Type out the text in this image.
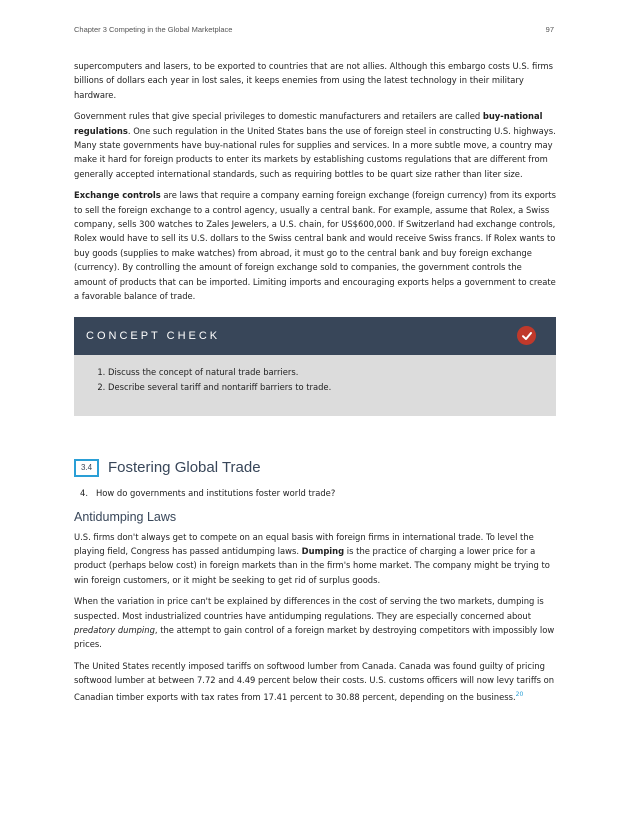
Chapter 3 Competing in the Global Marketplace	97

supercomputers and lasers, to be exported to countries that are not allies. Although this embargo costs U.S. firms billions of dollars each year in lost sales, it keeps enemies from using the latest technology in their military hardware.

Government rules that give special privileges to domestic manufacturers and retailers are called buy-national regulations. One such regulation in the United States bans the use of foreign steel in constructing U.S. highways. Many state governments have buy-national rules for supplies and services. In a more subtle move, a country may make it hard for foreign products to enter its markets by establishing customs regulations that are different from generally accepted international standards, such as requiring bottles to be quart size rather than liter size.

Exchange controls are laws that require a company earning foreign exchange (foreign currency) from its exports to sell the foreign exchange to a control agency, usually a central bank. For example, assume that Rolex, a Swiss company, sells 300 watches to Zales Jewelers, a U.S. chain, for US$600,000. If Switzerland had exchange controls, Rolex would have to sell its U.S. dollars to the Swiss central bank and would receive Swiss francs. If Rolex wants to buy goods (supplies to make watches) from abroad, it must go to the central bank and buy foreign exchange (currency). By controlling the amount of foreign exchange sold to companies, the government controls the amount of products that can be imported. Limiting imports and encouraging exports helps a government to create a favorable balance of trade.

CONCEPT CHECK
1. Discuss the concept of natural trade barriers.
2. Describe several tariff and nontariff barriers to trade.
3.4	Fostering Global Trade
4. How do governments and institutions foster world trade?
Antidumping Laws

U.S. firms don't always get to compete on an equal basis with foreign firms in international trade. To level the playing field, Congress has passed antidumping laws. Dumping is the practice of charging a lower price for a product (perhaps below cost) in foreign markets than in the firm's home market. The company might be trying to win foreign customers, or it might be seeking to get rid of surplus goods.

When the variation in price can't be explained by differences in the cost of serving the two markets, dumping is suspected. Most industrialized countries have antidumping regulations. They are especially concerned about predatory dumping, the attempt to gain control of a foreign market by destroying competitors with impossibly low prices.

The United States recently imposed tariffs on softwood lumber from Canada. Canada was found guilty of pricing softwood lumber at between 7.72 and 4.49 percent below their costs. U.S. customs officers will now levy tariffs on Canadian timber exports with tax rates from 17.41 percent to 30.88 percent, depending on the business.$^{20}$
